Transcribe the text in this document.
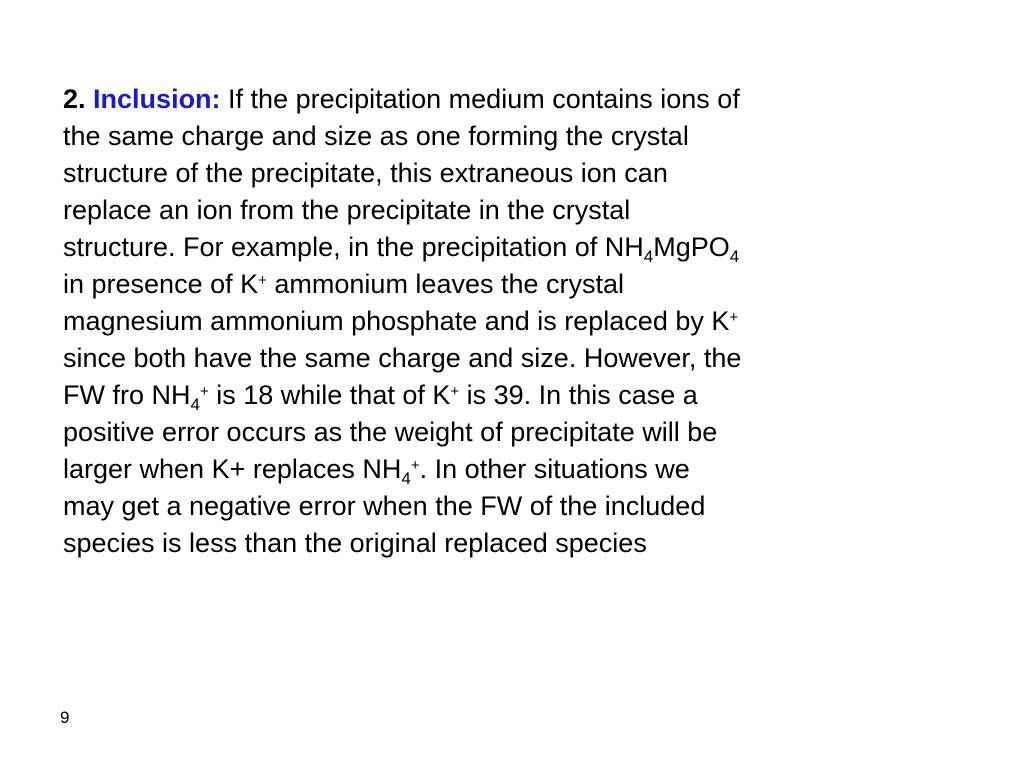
2. Inclusion: If the precipitation medium contains ions of
the same charge and size as one forming the crystal
structure of the precipitate, this extraneous ion can
replace an ion from the precipitate in the crystal
structure. For example, in the precipitation of $NH_4MgPO_4$
in presence of K+ ammonium leaves the crystal
magnesium ammonium phosphate and is replaced by K+
since both have the same charge and size. However, the
FW fro $NH_4^+$ is 18 while that of K+ is 39. In this case a
positive error occurs as the weight of precipitate will be
larger when K+ replaces $NH_4^+$. In other situations we
may get a negative error when the FW of the included
species is less than the original replaced species

9
